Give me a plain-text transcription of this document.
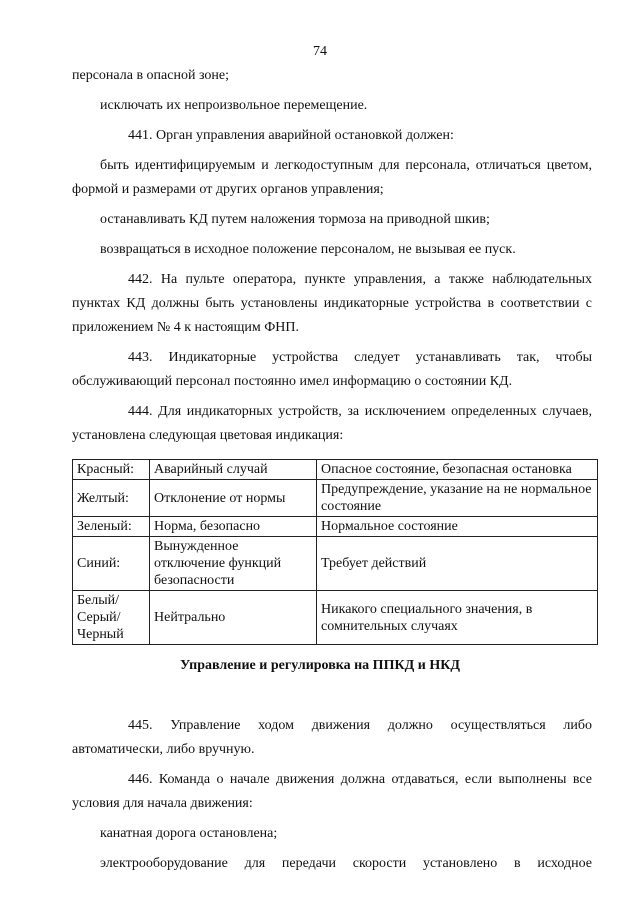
74

персонала в опасной зоне;

исключать их непроизвольное перемещение.

441. Орган управления аварийной остановкой должен:

быть идентифицируемым и легкодоступным для персонала, отличаться цветом, формой и размерами от других органов управления;

останавливать КД путем наложения тормоза на приводной шкив;

возвращаться в исходное положение персоналом, не вызывая ее пуск.

442. На пульте оператора, пункте управления, а также наблюдательных пунктах КД должны быть установлены индикаторные устройства в соответствии с приложением № 4 к настоящим ФНП.

443. Индикаторные устройства следует устанавливать так, чтобы обслуживающий персонал постоянно имел информацию о состоянии КД.

444. Для индикаторных устройств, за исключением определенных случаев, установлена следующая цветовая индикация:

Красный:	Аварийный случай	Опасное состояние, безопасная остановка
Желтый:	Отклонение от нормы	Предупреждение, указание на не нормальное состояние
Зеленый:	Норма, безопасно	Нормальное состояние
Синий:	Вынужденное отключение функций безопасности	Требует действий
Белый/ Серый/ Черный	Нейтрально	Никакого специального значения, в сомнительных случаях
Управление и регулировка на ППКД и НКД

445. Управление ходом движения должно осуществляться либо автоматически, либо вручную.

446. Команда о начале движения должна отдаваться, если выполнены все условия для начала движения:

канатная дорога остановлена;

электрооборудование для передачи скорости установлено в исходное
